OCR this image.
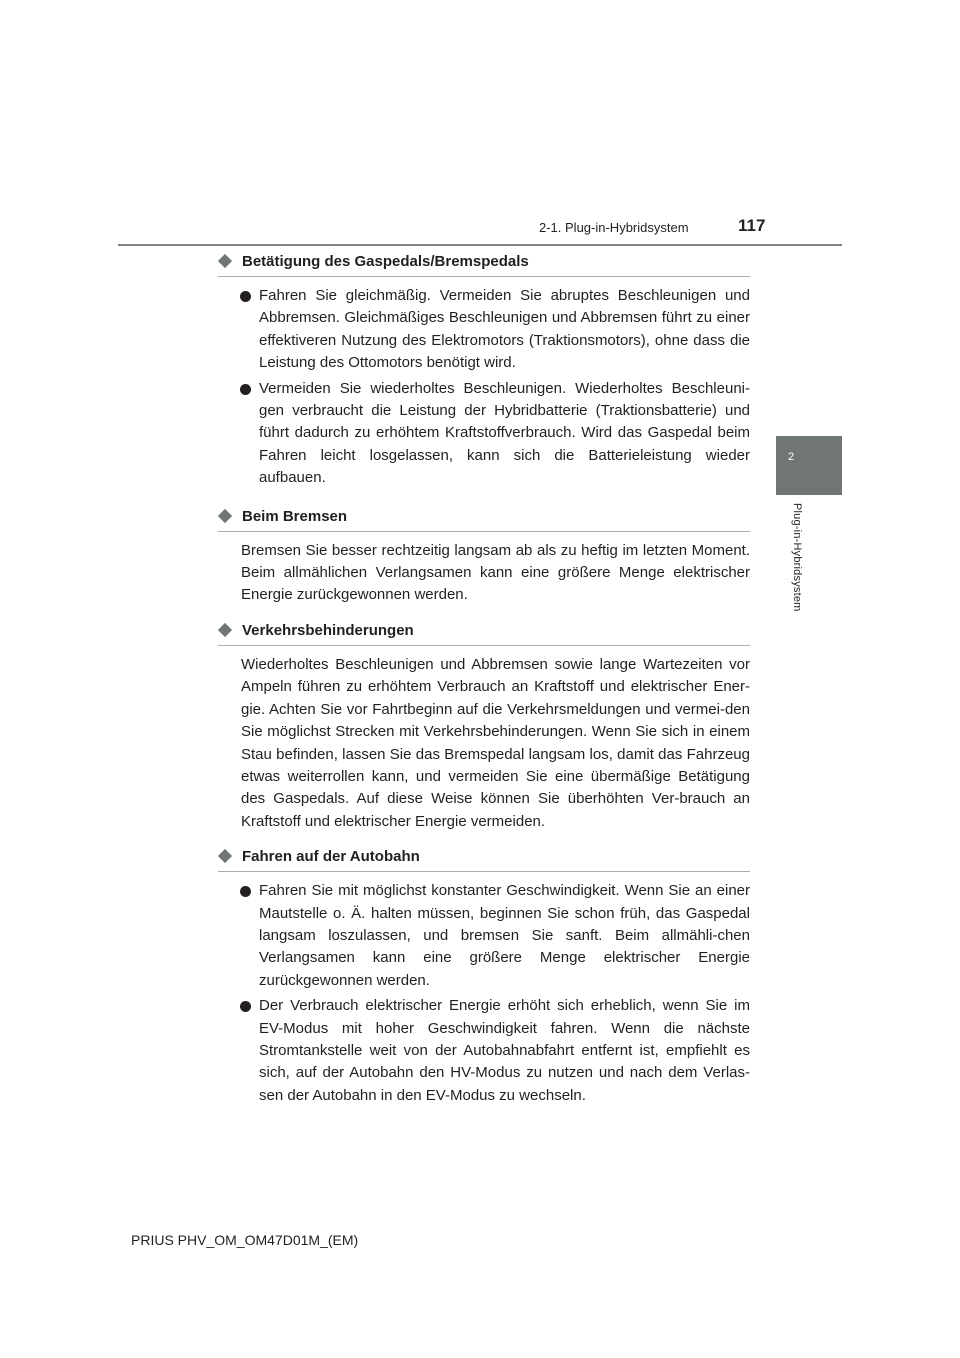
2-1. Plug-in-Hybridsystem	117
2
Plug-in-Hybridsystem
Betätigung des Gaspedals/Bremspedals
Fahren Sie gleichmäßig. Vermeiden Sie abruptes Beschleunigen und Abbremsen. Gleichmäßiges Beschleunigen und Abbremsen führt zu einer effektiveren Nutzung des Elektromotors (Traktionsmotors), ohne dass die Leistung des Ottomotors benötigt wird.
Vermeiden Sie wiederholtes Beschleunigen. Wiederholtes Beschleuni-gen verbraucht die Leistung der Hybridbatterie (Traktionsbatterie) und führt dadurch zu erhöhtem Kraftstoffverbrauch. Wird das Gaspedal beim Fahren leicht losgelassen, kann sich die Batterieleistung wieder aufbauen.
Beim Bremsen

Bremsen Sie besser rechtzeitig langsam ab als zu heftig im letzten Moment. Beim allmählichen Verlangsamen kann eine größere Menge elektrischer Energie zurückgewonnen werden.

Verkehrsbehinderungen

Wiederholtes Beschleunigen und Abbremsen sowie lange Wartezeiten vor Ampeln führen zu erhöhtem Verbrauch an Kraftstoff und elektrischer Ener-gie. Achten Sie vor Fahrtbeginn auf die Verkehrsmeldungen und vermei-den Sie möglichst Strecken mit Verkehrsbehinderungen. Wenn Sie sich in einem Stau befinden, lassen Sie das Bremspedal langsam los, damit das Fahrzeug etwas weiterrollen kann, und vermeiden Sie eine übermäßige Betätigung des Gaspedals. Auf diese Weise können Sie überhöhten Ver-brauch an Kraftstoff und elektrischer Energie vermeiden.

Fahren auf der Autobahn
Fahren Sie mit möglichst konstanter Geschwindigkeit. Wenn Sie an einer Mautstelle o. Ä. halten müssen, beginnen Sie schon früh, das Gaspedal langsam loszulassen, und bremsen Sie sanft. Beim allmähli-chen Verlangsamen kann eine größere Menge elektrischer Energie zurückgewonnen werden.
Der Verbrauch elektrischer Energie erhöht sich erheblich, wenn Sie im EV-Modus mit hoher Geschwindigkeit fahren. Wenn die nächste Stromtankstelle weit von der Autobahnabfahrt entfernt ist, empfiehlt es sich, auf der Autobahn den HV-Modus zu nutzen und nach dem Verlas-sen der Autobahn in den EV-Modus zu wechseln.
PRIUS PHV_OM_OM47D01M_(EM)
